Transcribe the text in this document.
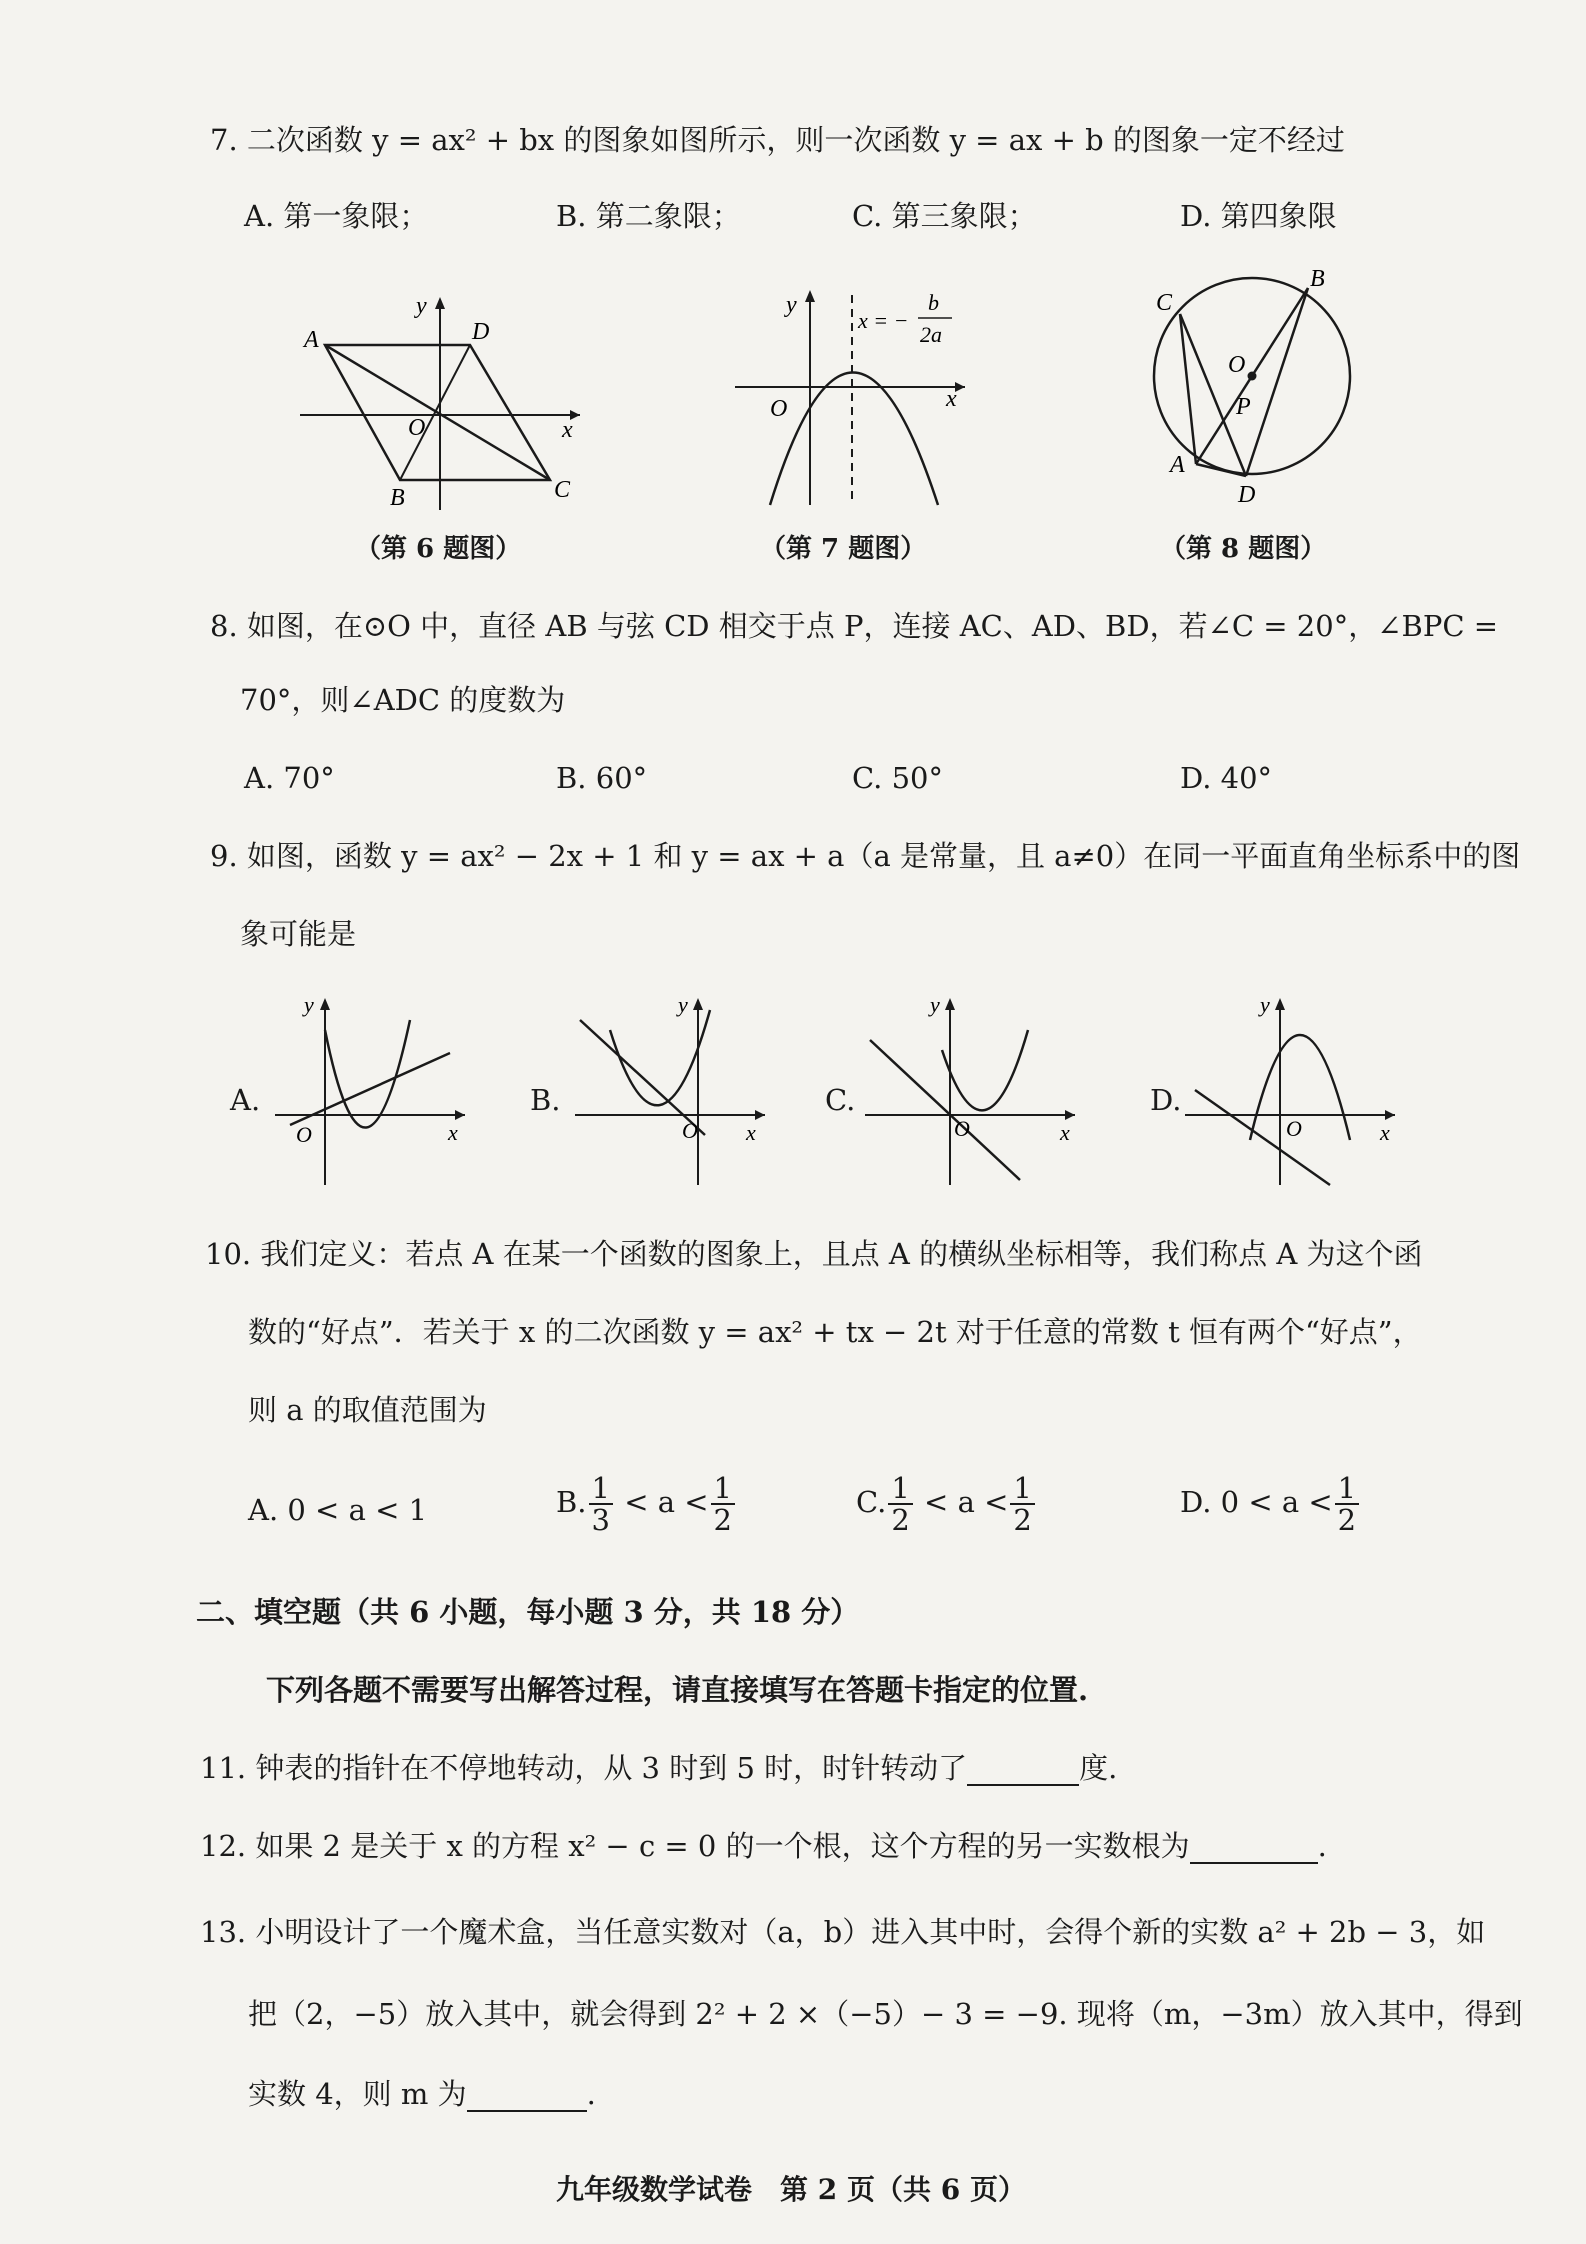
7. 二次函数 y = ax² + bx 的图象如图所示，则一次函数 y = ax + b 的图象一定不经过
A. 第一象限；	B. 第二象限；	C. 第三象限；	D. 第四象限
A	D
C
B
O
y
x
（第 6 题图）
y
x
O
x = −
b
2a
（第 7 题图）
C
B
O
P
A
D
（第 8 题图）
8. 如图，在⊙O 中，直径 AB 与弦 CD 相交于点 P，连接 AC、AD、BD，若∠C = 20°，∠BPC =
70°，则∠ADC 的度数为
A. 70°	B. 60°	C. 50°	D. 40°
9. 如图，函数 y = ax² − 2x + 1 和 y = ax + a（a 是常量，且 a≠0）在同一平面直角坐标系中的图
象可能是
A.
y
x
O
B.
y
x
O
C.
y
x
O
D.
y
x
O
10. 我们定义：若点 A 在某一个函数的图象上，且点 A 的横纵坐标相等，我们称点 A 为这个函
数的“好点”．若关于 x 的二次函数 y = ax² + tx − 2t 对于任意的常数 t 恒有两个“好点”，
则 a 的取值范围为
A. 0 < a < 1	B. $\frac{1}{3} < a < \frac{1}{2}$	C. $\frac{1}{2} < a < \frac{1}{2}$	D. $0 < a < \frac{1}{2}$
二、填空题（共 6 小题，每小题 3 分，共 18 分）
下列各题不需要写出解答过程，请直接填写在答题卡指定的位置.
11. 钟表的指针在不停地转动，从 3 时到 5 时，时针转动了	度.
12. 如果 2 是关于 x 的方程 x² − c = 0 的一个根，这个方程的另一实数根为	.
13. 小明设计了一个魔术盒，当任意实数对（a，b）进入其中时，会得个新的实数 a² + 2b − 3，如
把（2，−5）放入其中，就会得到 2² + 2 ×（−5）− 3 = −9. 现将（m，−3m）放入其中，得到
实数 4，则 m 为	.
九年级数学试卷　第 2 页（共 6 页）
